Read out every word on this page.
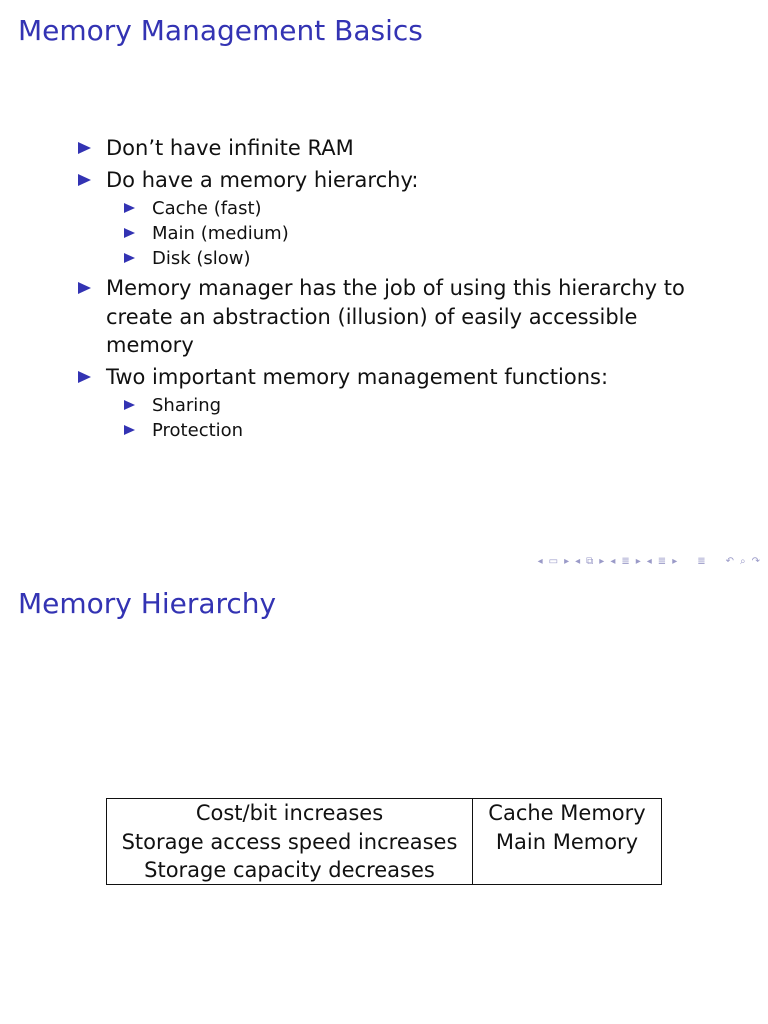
Memory Management Basics
Don’t have infinite RAM
Do have a memory hierarchy:
Cache (fast)
Main (medium)
Disk (slow)
Memory manager has the job of using this hierarchy to create an abstraction (illusion) of easily accessible memory
Two important memory management functions:
Sharing
Protection
◂ ▭ ▸ ◂ ⧉ ▸ ◂ ≣ ▸ ◂ ≣ ▸ ≣ ↶ ⌕ ↷
Memory Hierarchy
Cost/bit increases
Storage access speed increases
Storage capacity decreases
Cache Memory
Main Memory
